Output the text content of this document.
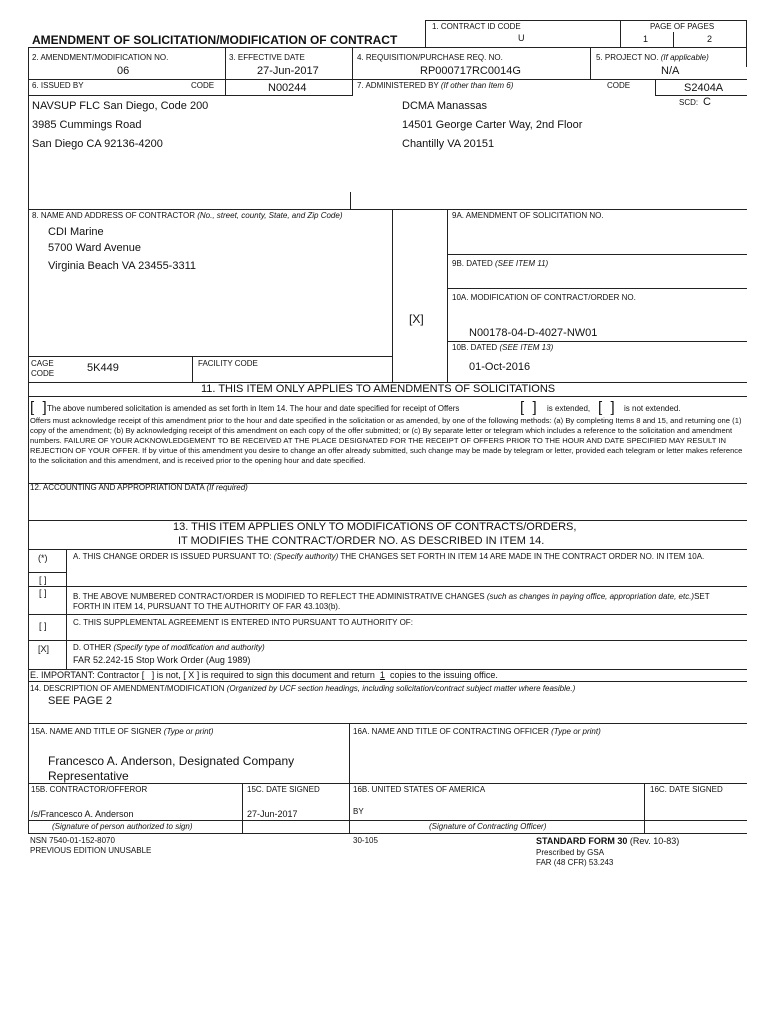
AMENDMENT OF SOLICITATION/MODIFICATION OF CONTRACT
1. CONTRACT ID CODE
U
PAGE OF PAGES
1	2
2. AMENDMENT/MODIFICATION NO.
06
3. EFFECTIVE DATE
27-Jun-2017
4. REQUISITION/PURCHASE REQ. NO.
RP000717RC0014G
5. PROJECT NO. (If applicable)
N/A
6. ISSUED BY	CODE	N00244	7. ADMINISTERED BY (If other than Item 6)	CODE	S2404A
SCD: C
NAVSUP FLC San Diego, Code 200
3985 Cummings Road
San Diego CA 92136-4200
DCMA Manassas
14501 George Carter Way, 2nd Floor
Chantilly VA 20151
8. NAME AND ADDRESS OF CONTRACTOR (No., street, county, State, and Zip Code)
CDI Marine
5700 Ward Avenue
Virginia Beach VA 23455-3311
9A. AMENDMENT OF SOLICITATION NO.
9B. DATED (SEE ITEM 11)
10A. MODIFICATION OF CONTRACT/ORDER NO.
[X]
N00178-04-D-4027-NW01
10B. DATED (SEE ITEM 13)
01-Oct-2016
CAGE CODE	5K449	FACILITY CODE
11. THIS ITEM ONLY APPLIES TO AMENDMENTS OF SOLICITATIONS
[  ] The above numbered solicitation is amended as set forth in Item 14. The hour and date specified for receipt of Offers	[  ] is extended, [  ] is not extended.
Offers must acknowledge receipt of this amendment prior to the hour and date specified in the solicitation or as amended, by one of the following methods: (a) By completing Items 8 and 15, and returning one (1) copy of the amendment; (b) By acknowledging receipt of this amendment on each copy of the offer submitted; or (c) By separate letter or telegram which includes a reference to the solicitation and amendment numbers. FAILURE OF YOUR ACKNOWLEDGEMENT TO BE RECEIVED AT THE PLACE DESIGNATED FOR THE RECEIPT OF OFFERS PRIOR TO THE HOUR AND DATE SPECIFIED MAY RESULT IN REJECTION OF YOUR OFFER. If by virtue of this amendment you desire to change an offer already submitted, such change may be made by telegram or letter, provided each telegram or letter makes reference to the solicitation and this amendment, and is received prior to the opening hour and date specified.
12. ACCOUNTING AND APPROPRIATION DATA (If required)
13. THIS ITEM APPLIES ONLY TO MODIFICATIONS OF CONTRACTS/ORDERS,
IT MODIFIES THE CONTRACT/ORDER NO. AS DESCRIBED IN ITEM 14.
(*)	A. THIS CHANGE ORDER IS ISSUED PURSUANT TO: (Specify authority) THE CHANGES SET FORTH IN ITEM 14 ARE MADE IN THE CONTRACT ORDER NO. IN ITEM 10A.
[ ]
[ ]	B. THE ABOVE NUMBERED CONTRACT/ORDER IS MODIFIED TO REFLECT THE ADMINISTRATIVE CHANGES (such as changes in paying office, appropriation date, etc.)SET FORTH IN ITEM 14, PURSUANT TO THE AUTHORITY OF FAR 43.103(b).
[ ]	C. THIS SUPPLEMENTAL AGREEMENT IS ENTERED INTO PURSUANT TO AUTHORITY OF:
[X]	D. OTHER (Specify type of modification and authority)
FAR 52.242-15 Stop Work Order (Aug 1989)
E. IMPORTANT: Contractor [   ] is not, [ X ] is required to sign this document and return 1 copies to the issuing office.
14. DESCRIPTION OF AMENDMENT/MODIFICATION (Organized by UCF section headings, including solicitation/contract subject matter where feasible.)
SEE PAGE 2
15A. NAME AND TITLE OF SIGNER (Type or print)
Francesco A. Anderson, Designated Company
Representative
16A. NAME AND TITLE OF CONTRACTING OFFICER (Type or print)
15B. CONTRACTOR/OFFEROR	15C. DATE SIGNED	16B. UNITED STATES OF AMERICA	16C. DATE SIGNED
/s/Francesco A. Anderson	27-Jun-2017	BY
(Signature of person authorized to sign)	(Signature of Contracting Officer)
NSN 7540-01-152-8070
PREVIOUS EDITION UNUSABLE
30-105	STANDARD FORM 30 (Rev. 10-83)
Prescribed by GSA
FAR (48 CFR) 53.243
